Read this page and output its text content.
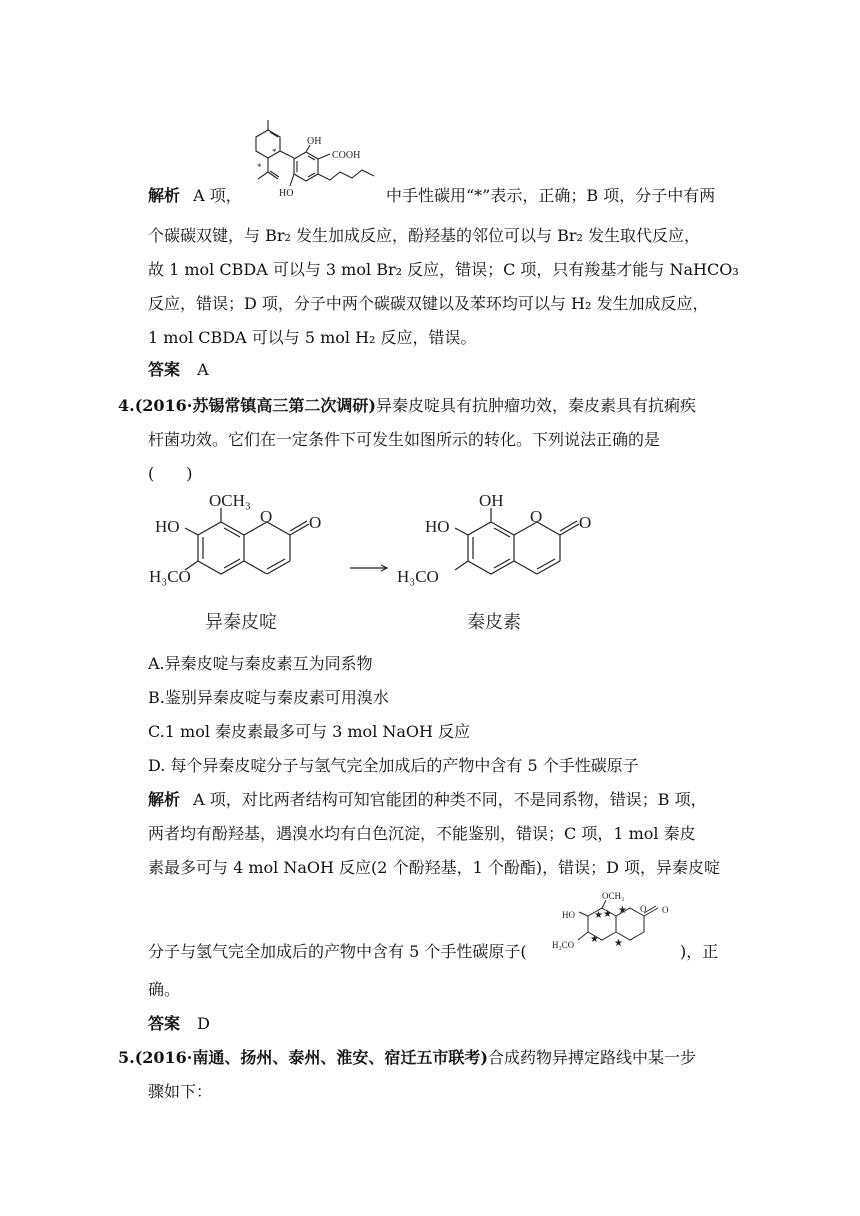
*
*
OH
COOH
HO
解析 A 项，	中手性碳用“*”表示，正确；B 项，分子中有两
个碳碳双键，与 Br₂ 发生加成反应，酚羟基的邻位可以与 Br₂ 发生取代反应，
故 1 mol CBDA 可以与 3 mol Br₂ 反应，错误；C 项，只有羧基才能与 NaHCO₃
反应，错误；D 项，分子中两个碳碳双键以及苯环均可以与 H₂ 发生加成反应，
1 mol CBDA 可以与 5 mol H₂ 反应，错误。
答案 A
4.(2016·苏锡常镇高三第二次调研)异秦皮啶具有抗肿瘤功效，秦皮素具有抗痢疾
杆菌功效。它们在一定条件下可发生如图所示的转化。下列说法正确的是
(　　)
OCH₃
HO
O O
H₃CO
异秦皮啶
OH
HO
O O
H₃CO
秦皮素
A.异秦皮啶与秦皮素互为同系物
B.鉴别异秦皮啶与秦皮素可用溴水
C.1 mol 秦皮素最多可与 3 mol NaOH 反应
D. 每个异秦皮啶分子与氢气完全加成后的产物中含有 5 个手性碳原子
解析 A 项，对比两者结构可知官能团的种类不同，不是同系物，错误；B 项，
两者均有酚羟基，遇溴水均有白色沉淀，不能鉴别，错误；C 项，1 mol 秦皮
素最多可与 4 mol NaOH 反应(2 个酚羟基，1 个酚酯)，错误；D 项，异秦皮啶
OCH₃
HO
O O
H₃CO
★ ★ ★
★ ★
分子与氢气完全加成后的产物中含有 5 个手性碳原子(	)，正
确。
答案 D
5.(2016·南通、扬州、泰州、淮安、宿迁五市联考)合成药物异搏定路线中某一步
骤如下：
